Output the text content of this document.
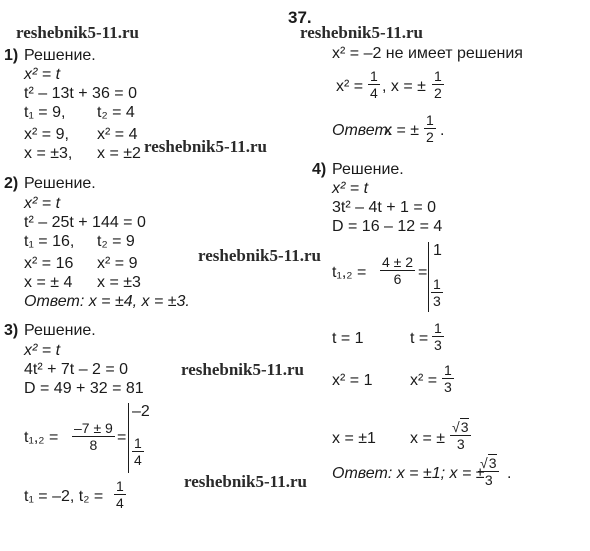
37.
reshebnik5-11.ru	reshebnik5-11.ru
reshebnik5-11.ru
reshebnik5-11.ru
reshebnik5-11.ru
reshebnik5-11.ru
1) Решение.
x² = t
t² – 13t + 36 = 0
t₁ = 9, t₂ = 4
x² = 9, x² = 4
x = ±3, x = ±2
2) Решение.
x² = t
t² – 25t + 144 = 0
t₁ = 16, t₂ = 9
x² = 16 x² = 9
x = ± 4 x = ±3
Ответ: x = ±4, x = ±3.
3) Решение.
x² = t
4t² + 7t – 2 = 0
D = 49 + 32 = 81
$t_1,_2 = \frac{-7 \pm 9}{8}$ =
–2
$\frac{1}{4}$
t₁ = –2, $t_2 = \frac{1}{4}$
x² = –2 не имеет решения
$x^2 = \frac{1}{4}$ , x = ± $\frac{1}{2}$
Ответ:
x = ± $\frac{1}{2}$ .
4) Решение.
x² = t
3t² – 4t + 1 = 0
D = 16 – 12 = 4
$t_1,_2 = \frac{4 \pm 2}{6}$ =
1
$\frac{1}{3}$
t = 1	$t = \frac{1}{3}$
x² = 1 $x^2 = \frac{1}{3}$
x = ±1 x = ± $\frac{√3}{3}$
Ответ: x = ±1; x = ±
$\frac{√3}{3}$ .
